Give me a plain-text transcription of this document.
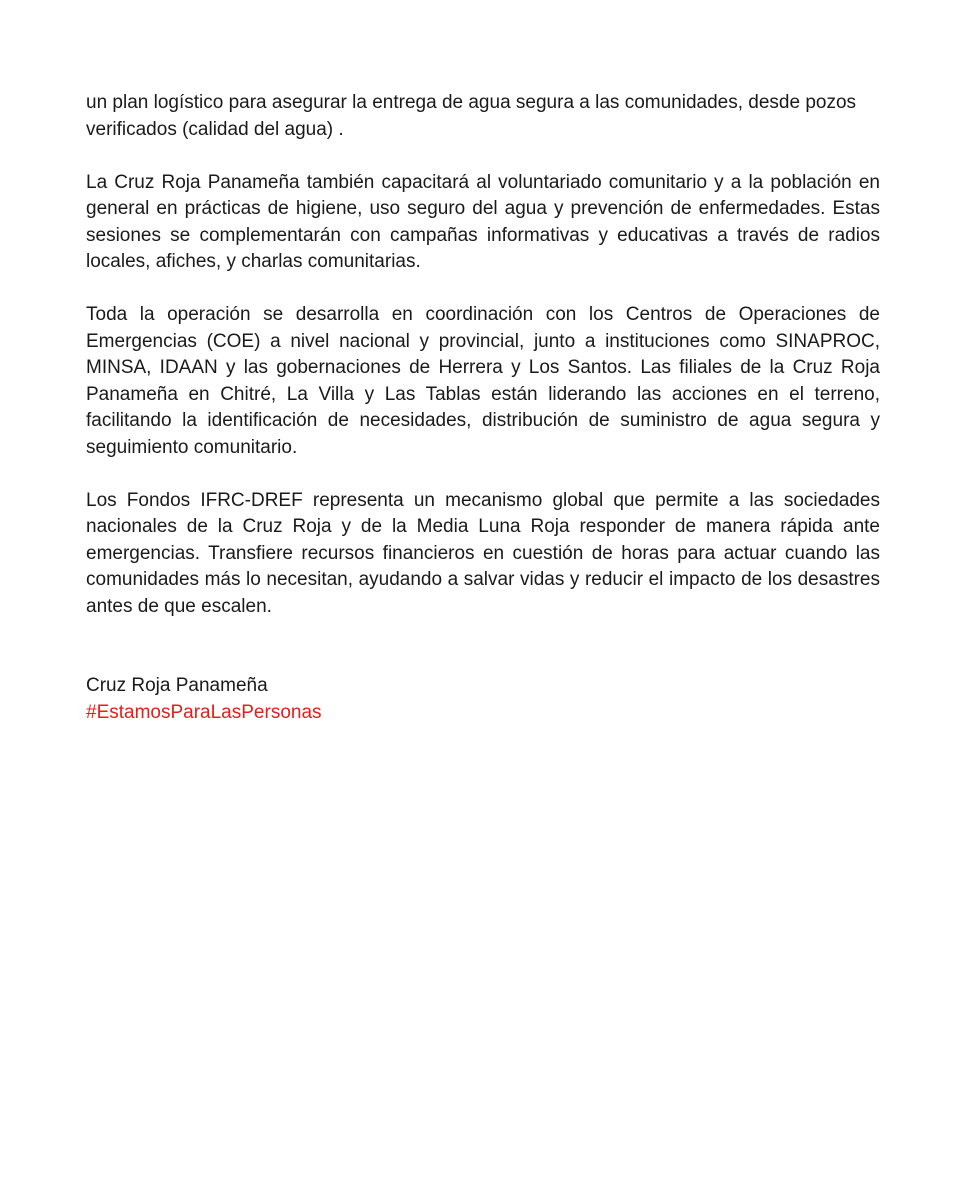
un plan logístico para asegurar la entrega de agua segura a las comunidades, desde pozos verificados (calidad del agua) .

La Cruz Roja Panameña también capacitará al voluntariado comunitario y a la población en general en prácticas de higiene, uso seguro del agua y prevención de enfermedades. Estas sesiones se complementarán con campañas informativas y educativas a través de radios locales, afiches, y charlas comunitarias.

Toda la operación se desarrolla en coordinación con los Centros de Operaciones de Emergencias (COE) a nivel nacional y provincial, junto a instituciones como SINAPROC, MINSA, IDAAN y las gobernaciones de Herrera y Los Santos. Las filiales de la Cruz Roja Panameña en Chitré, La Villa y Las Tablas están liderando las acciones en el terreno, facilitando la identificación de necesidades, distribución de suministro de agua segura y seguimiento comunitario.

Los Fondos IFRC-DREF representa un mecanismo global que permite a las sociedades nacionales de la Cruz Roja y de la Media Luna Roja responder de manera rápida ante emergencias. Transfiere recursos financieros en cuestión de horas para actuar cuando las comunidades más lo necesitan, ayudando a salvar vidas y reducir el impacto de los desastres antes de que escalen.

Cruz Roja Panameña
#EstamosParaLasPersonas
